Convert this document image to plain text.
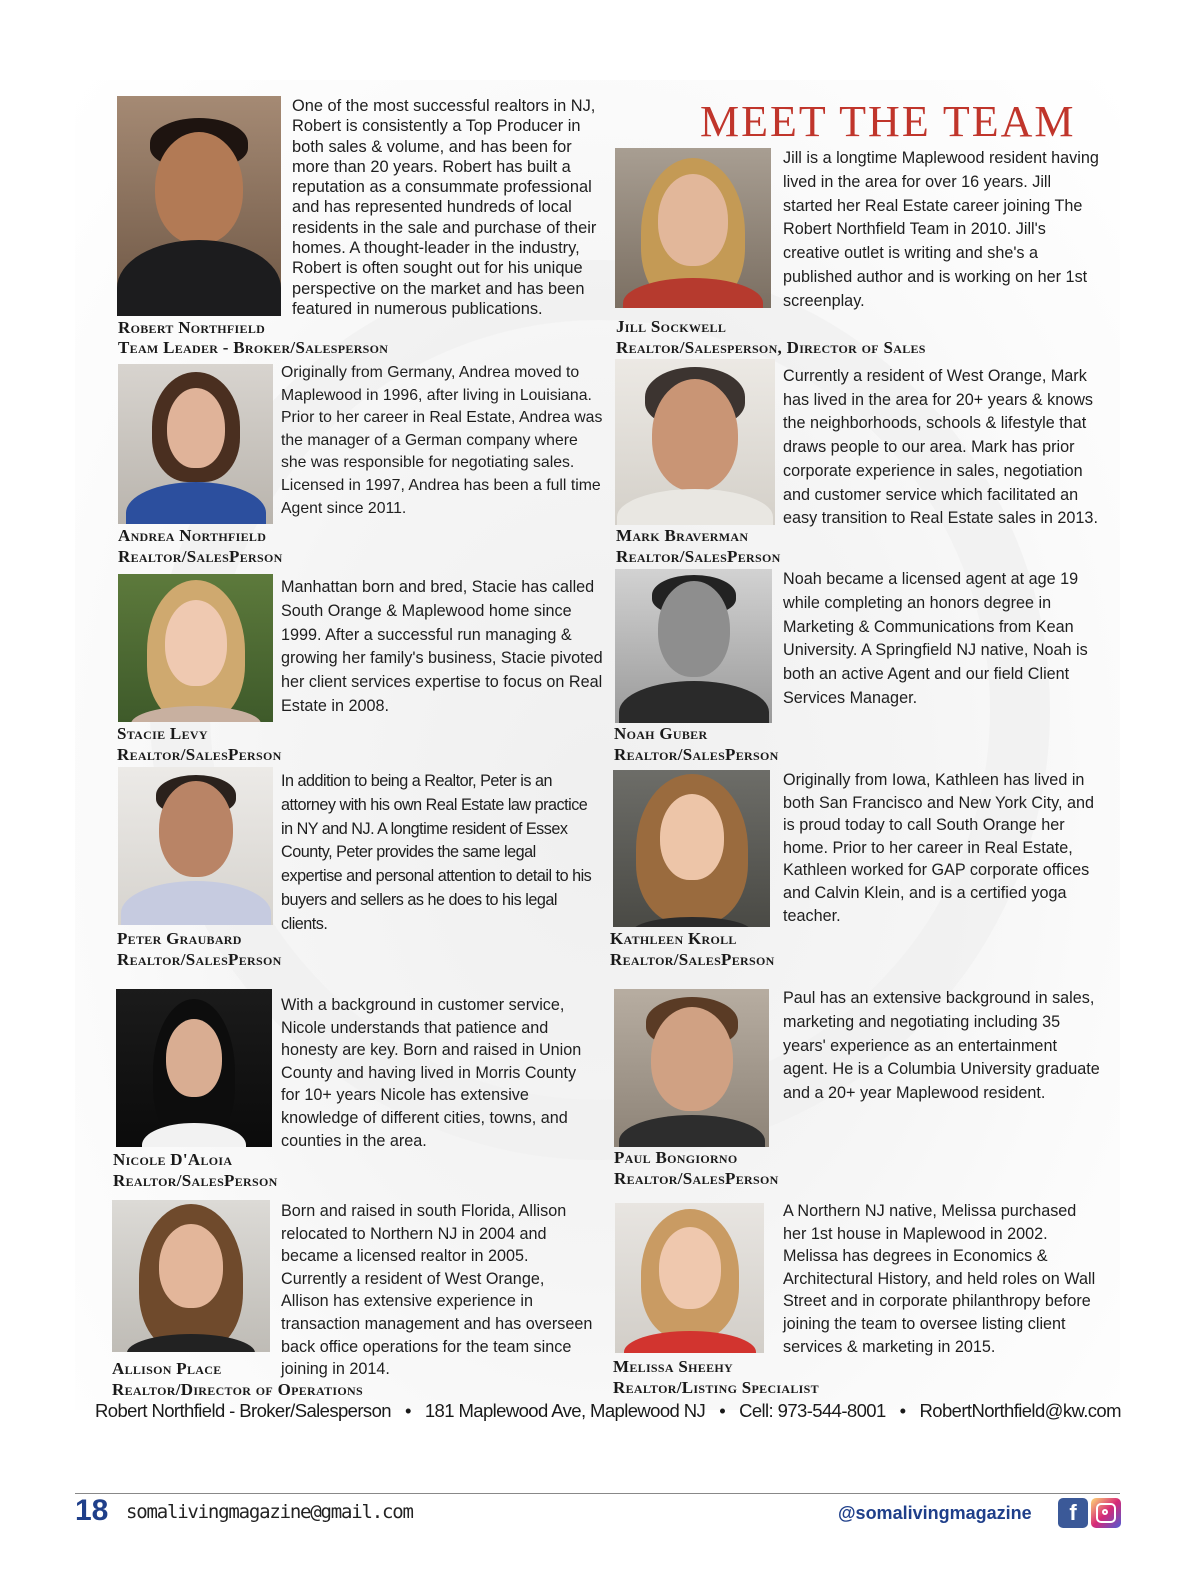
MEET THE TEAM
One of the most successful realtors in NJ, Robert is consistently a Top Producer in both sales & volume, and has been for more than 20 years. Robert has built a reputation as a consummate professional and has represented hundreds of local residents in the sale and purchase of their homes. A thought-leader in the industry, Robert is often sought out for his unique perspective on the market and has been featured in numerous publications.
Robert Northfield
Team Leader - Broker/Salesperson
Jill is a longtime Maplewood resident having lived in the area for over 16 years. Jill started her Real Estate career joining The Robert Northfield Team in 2010. Jill's creative outlet is writing and she's a published author and is working on her 1st screenplay.
Jill Sockwell
Realtor/Salesperson, Director of Sales
Originally from Germany, Andrea moved to Maplewood in 1996, after living in Louisiana. Prior to her career in Real Estate, Andrea was the manager of a German company where she was responsible for negotiating sales. Licensed in 1997, Andrea has been a full time Agent since 2011.
Andrea Northfield
Realtor/SalesPerson
Currently a resident of West Orange, Mark has lived in the area for 20+ years & knows the neighborhoods, schools & lifestyle that draws people to our area. Mark has prior corporate experience in sales, negotiation and customer service which facilitated an easy transition to Real Estate sales in 2013.
Mark Braverman
Realtor/SalesPerson
Manhattan born and bred, Stacie has called South Orange & Maplewood home since 1999. After a successful run managing & growing her family's business, Stacie pivoted her client services expertise to focus on Real Estate in 2008.
Stacie Levy
Realtor/SalesPerson
Noah became a licensed agent at age 19 while completing an honors degree in Marketing & Communications from Kean University. A Springfield NJ native, Noah is both an active Agent and our field Client Services Manager.
Noah Guber
Realtor/SalesPerson
In addition to being a Realtor, Peter is an attorney with his own Real Estate law practice in NY and NJ. A longtime resident of Essex County, Peter provides the same legal expertise and personal attention to detail to his buyers and sellers as he does to his legal clients.
Peter Graubard
Realtor/SalesPerson
Originally from Iowa, Kathleen has lived in both San Francisco and New York City, and is proud today to call South Orange her home. Prior to her career in Real Estate, Kathleen worked for GAP corporate offices and Calvin Klein, and is a certified yoga teacher.
Kathleen Kroll
Realtor/SalesPerson
With a background in customer service, Nicole understands that patience and honesty are key. Born and raised in Union County and having lived in Morris County for 10+ years Nicole has extensive knowledge of different cities, towns, and counties in the area.
Nicole D'Aloia
Realtor/SalesPerson
Paul has an extensive background in sales, marketing and negotiating including 35 years' experience as an entertainment agent. He is a Columbia University graduate and a 20+ year Maplewood resident.
Paul Bongiorno
Realtor/SalesPerson
Born and raised in south Florida, Allison relocated to Northern NJ in 2004 and became a licensed realtor in 2005. Currently a resident of West Orange, Allison has extensive experience in transaction management and has overseen back office operations for the team since joining in 2014.
Allison Place
Realtor/Director of Operations
A Northern NJ native, Melissa purchased her 1st house in Maplewood in 2002. Melissa has degrees in Economics & Architectural History, and held roles on Wall Street and in corporate philanthropy before joining the team to oversee listing client services & marketing in 2015.
Melissa Sheehy
Realtor/Listing Specialist
Robert Northfield - Broker/Salesperson • 181 Maplewood Ave, Maplewood NJ • Cell: 973-544-8001 • RobertNorthfield@kw.com
18 somalivingmagazine@gmail.com	@somalivingmagazine f
